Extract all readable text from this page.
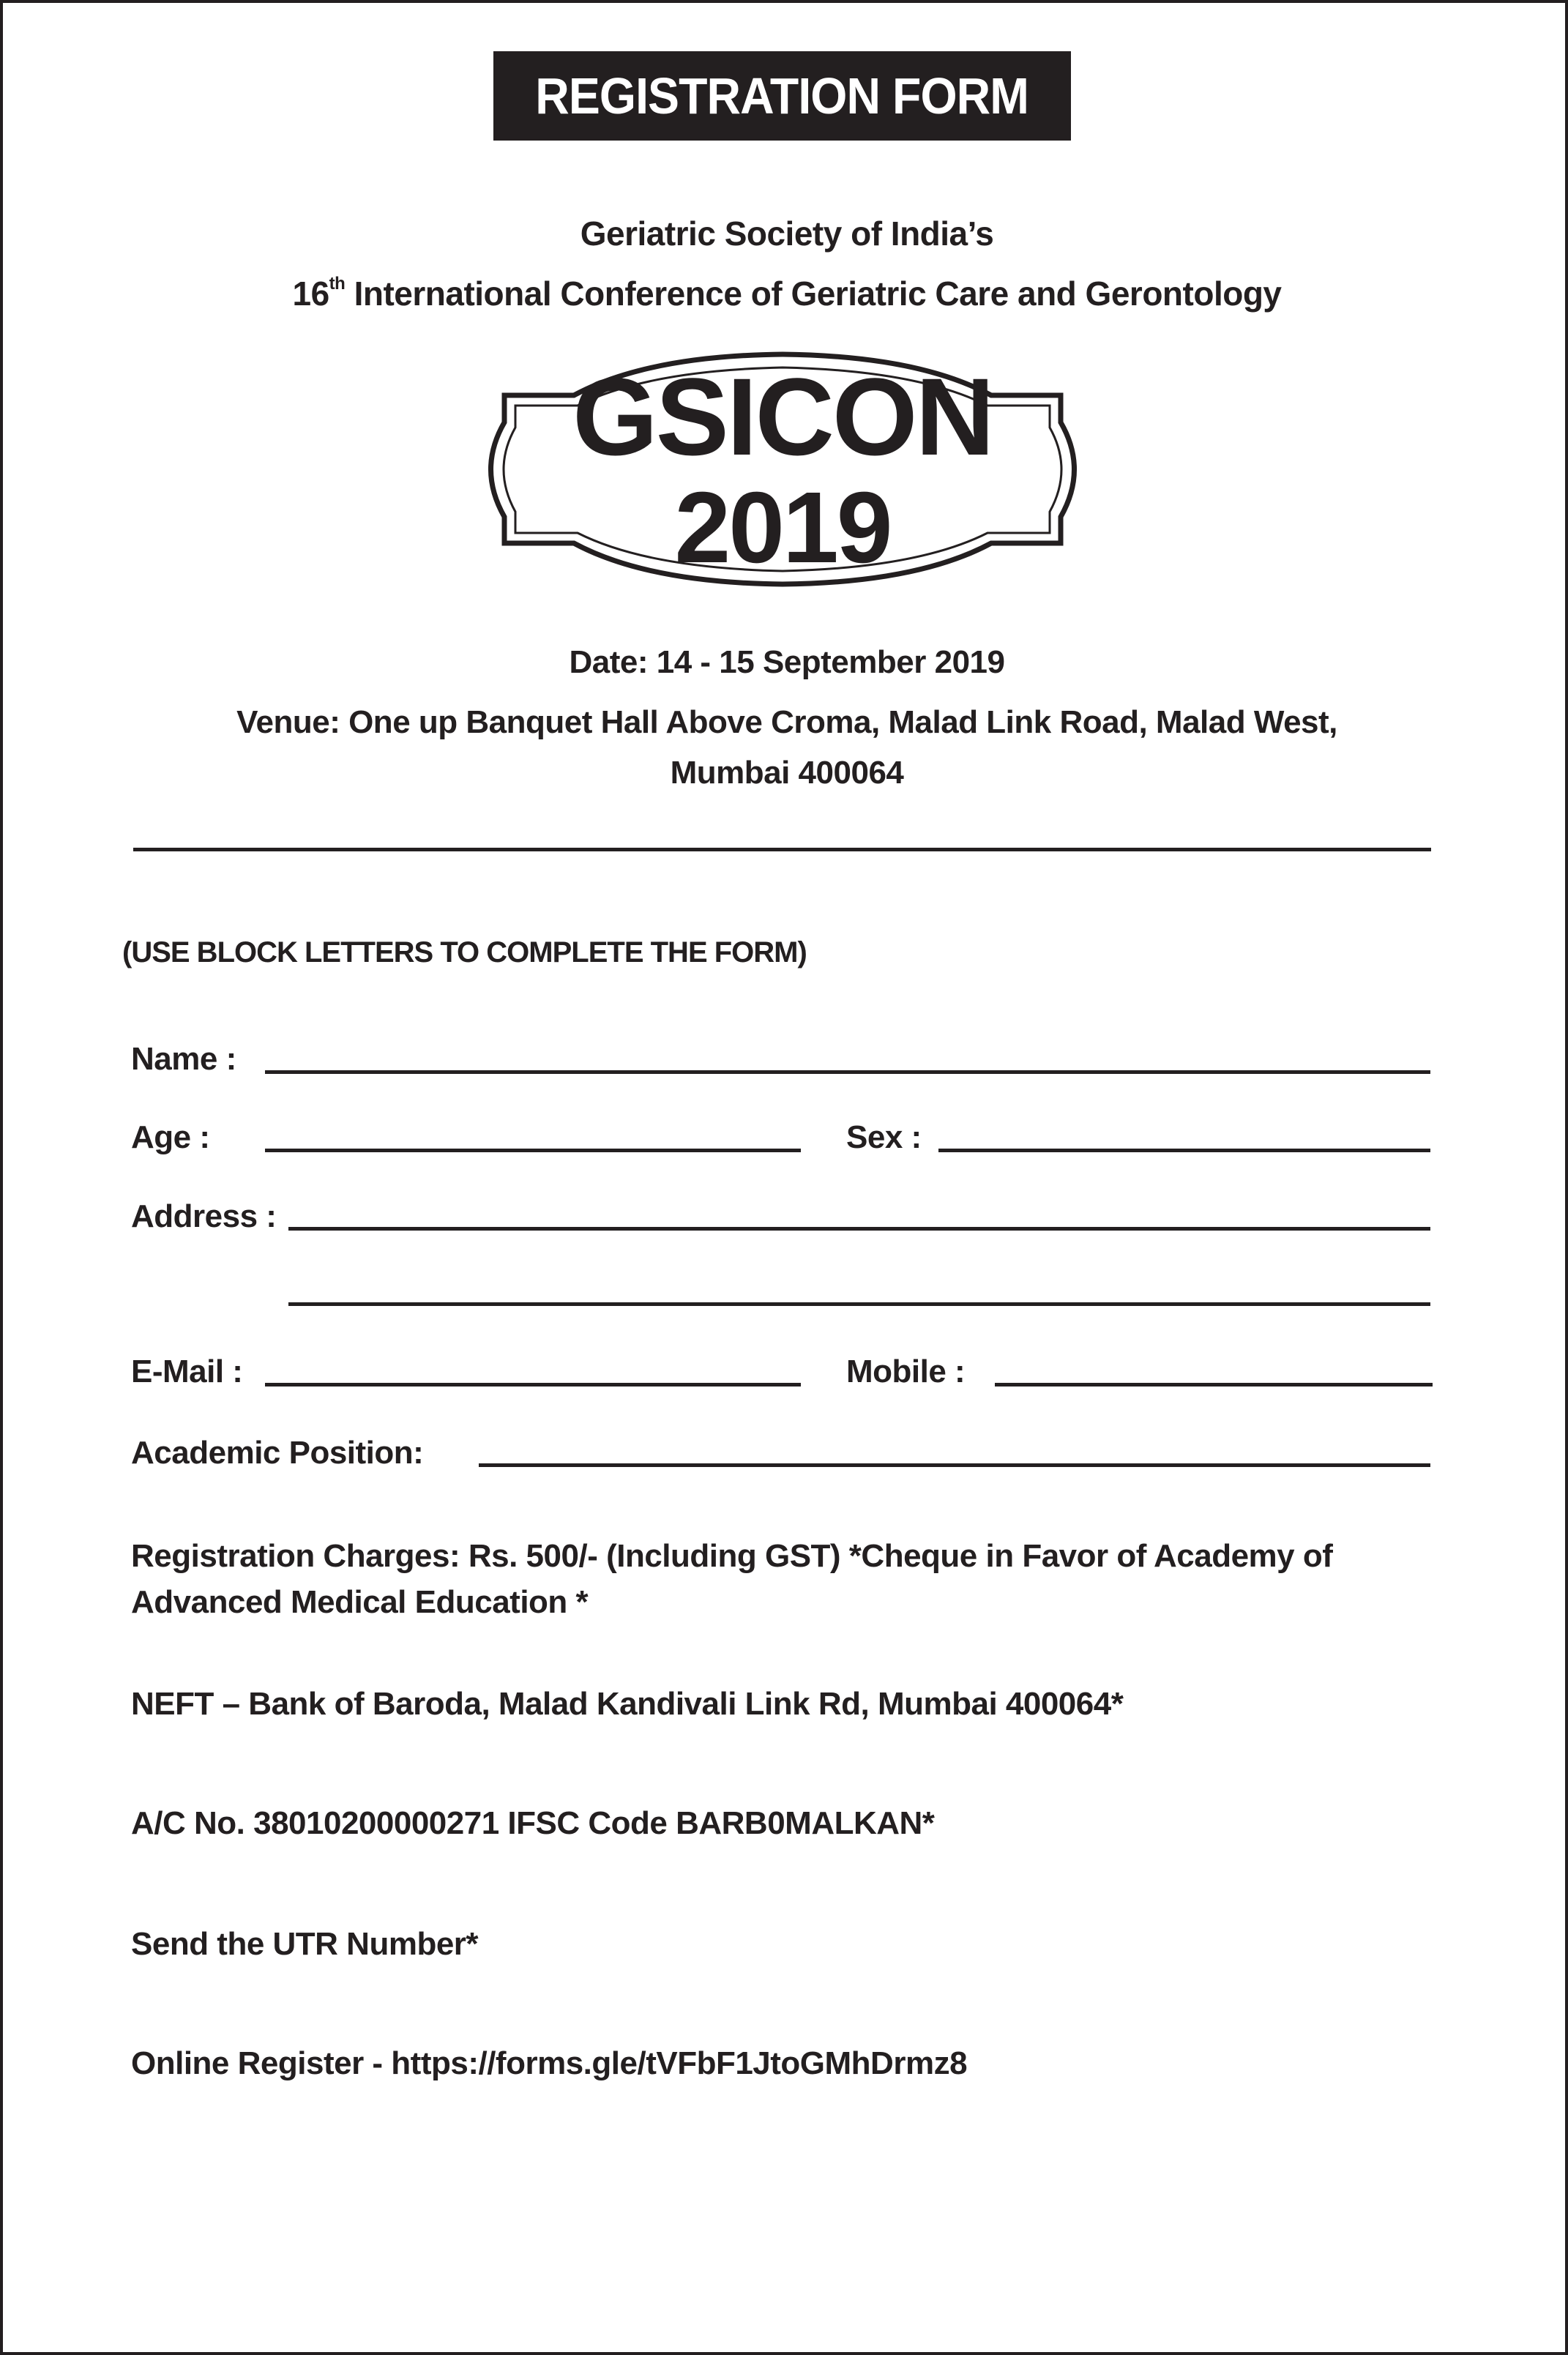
REGISTRATION FORM
Geriatric Society of India’s
16th International Conference of Geriatric Care and Gerontology
GSICON
2019
Date: 14 - 15 September 2019
Venue: One up Banquet Hall Above Croma, Malad Link Road, Malad West,
Mumbai 400064
(USE BLOCK LETTERS TO COMPLETE THE FORM)
Name :
Age :	Sex :
Address :
E-Mail :	Mobile :
Academic Position:
Registration Charges: Rs. 500/- (Including GST) *Cheque in Favor of Academy of
Advanced Medical Education *
NEFT – Bank of Baroda, Malad Kandivali Link Rd, Mumbai 400064*
A/C No. 38010200000271 IFSC Code BARB0MALKAN*
Send the UTR Number*
Online Register - https://forms.gle/tVFbF1JtoGMhDrmz8
